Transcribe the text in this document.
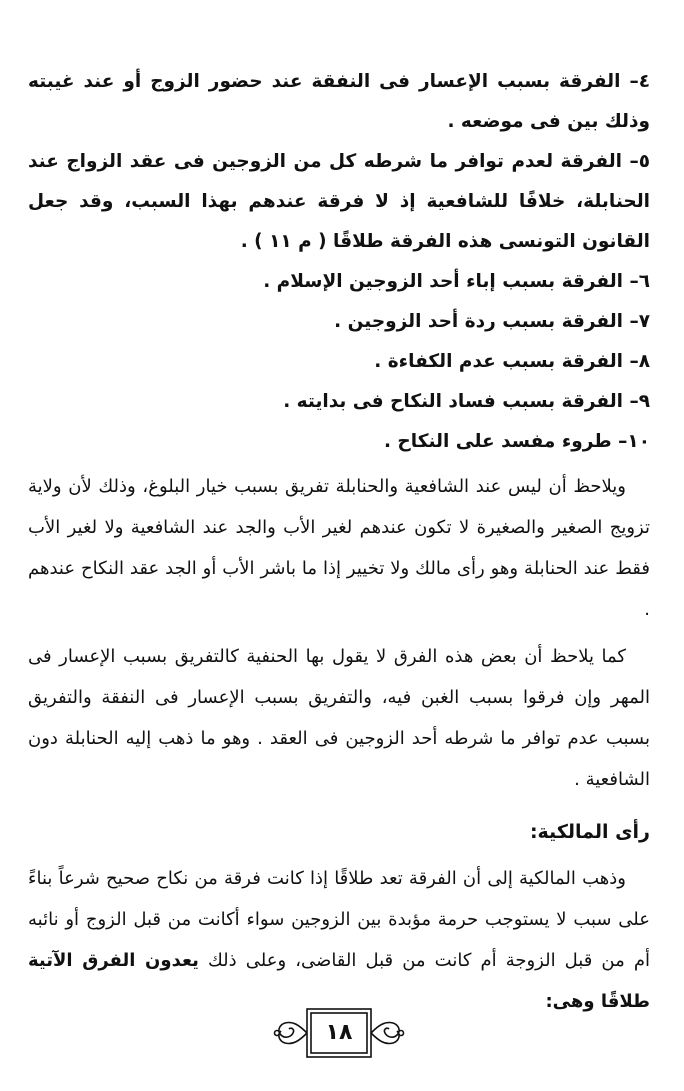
٤– الفرقة بسبب الإعسار فى النفقة عند حضور الزوج أو عند غيبته وذلك بين فى موضعه .

٥– الفرقة لعدم توافر ما شرطه كل من الزوجين فى عقد الزواج عند الحنابلة، خلافًا للشافعية إذ لا فرقة عندهم بهذا السبب، وقد جعل القانون التونسى هذه الفرقة طلاقًا ( م ١١ ) .

٦– الفرقة بسبب إباء أحد الزوجين الإسلام .

٧– الفرقة بسبب ردة أحد الزوجين .

٨– الفرقة بسبب عدم الكفاءة .

٩– الفرقة بسبب فساد النكاح فى بدايته .

١٠– طروء مفسد على النكاح .

ويلاحظ أن ليس عند الشافعية والحنابلة تفريق بسبب خيار البلوغ، وذلك لأن ولاية تزويج الصغير والصغيرة لا تكون عندهم لغير الأب والجد عند الشافعية ولا لغير الأب فقط عند الحنابلة وهو رأى مالك ولا تخيير إذا ما باشر الأب أو الجد عقد النكاح عندهم .

كما يلاحظ أن بعض هذه الفرق لا يقول بها الحنفية كالتفريق بسبب الإعسار فى المهر وإن فرقوا بسبب الغبن فيه، والتفريق بسبب الإعسار فى النفقة والتفريق بسبب عدم توافر ما شرطه أحد الزوجين فى العقد . وهو ما ذهب إليه الحنابلة دون الشافعية .

رأى المالكية:

وذهب المالكية إلى أن الفرقة تعد طلاقًا إذا كانت فرقة من نكاح صحيح شرعاً بناءً على سبب لا يستوجب حرمة مؤبدة بين الزوجين سواء أكانت من قبل الزوج أو نائبه أم من قبل الزوجة أم كانت من قبل القاضى، وعلى ذلك يعدون الفرق الآتية طلاقًا وهى:

١٨
